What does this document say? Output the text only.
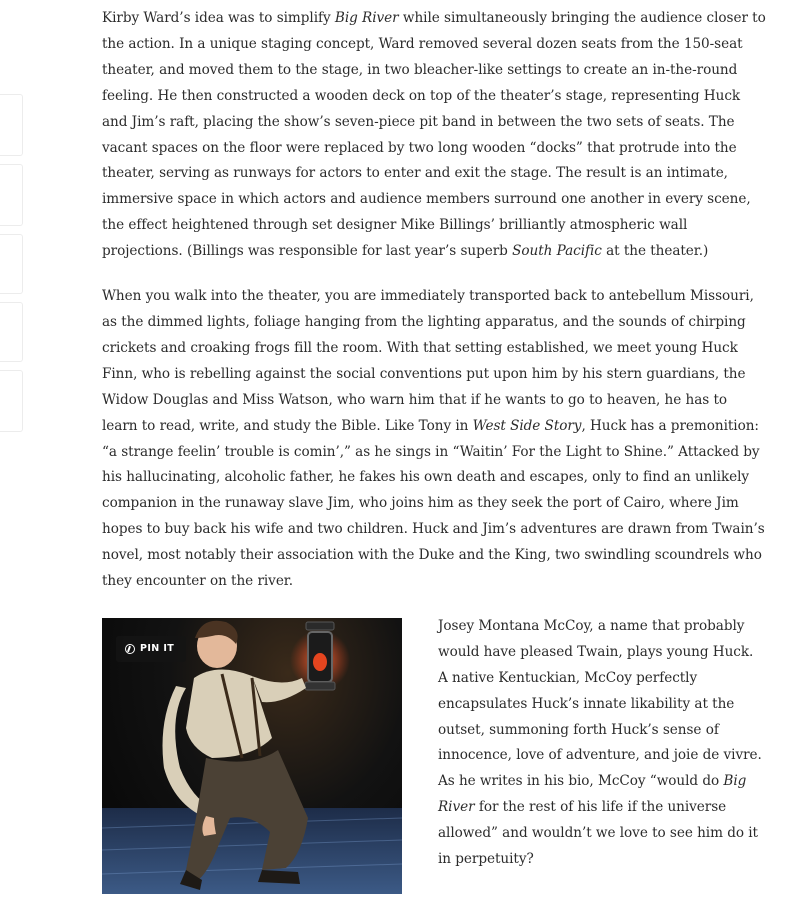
Kirby Ward’s idea was to simplify Big River while simultaneously bringing the audience closer to the action. In a unique staging concept, Ward removed several dozen seats from the 150-seat theater, and moved them to the stage, in two bleacher-like settings to create an in-the-round feeling. He then constructed a wooden deck on top of the theater’s stage, representing Huck and Jim’s raft, placing the show’s seven-piece pit band in between the two sets of seats. The vacant spaces on the floor were replaced by two long wooden “docks” that protrude into the theater, serving as runways for actors to enter and exit the stage. The result is an intimate, immersive space in which actors and audience members surround one another in every scene, the effect heightened through set designer Mike Billings’ brilliantly atmospheric wall projections. (Billings was responsible for last year’s superb South Pacific at the theater.)

When you walk into the theater, you are immediately transported back to antebellum Missouri, as the dimmed lights, foliage hanging from the lighting apparatus, and the sounds of chirping crickets and croaking frogs fill the room. With that setting established, we meet young Huck Finn, who is rebelling against the social conventions put upon him by his stern guardians, the Widow Douglas and Miss Watson, who warn him that if he wants to go to heaven, he has to learn to read, write, and study the Bible. Like Tony in West Side Story, Huck has a premonition: “a strange feelin’ trouble is comin’,” as he sings in “Waitin’ For the Light to Shine.” Attacked by his hallucinating, alcoholic father, he fakes his own death and escapes, only to find an unlikely companion in the runaway slave Jim, who joins him as they seek the port of Cairo, where Jim hopes to buy back his wife and two children. Huck and Jim’s adventures are drawn from Twain’s novel, most notably their association with the Duke and the King, two swindling scoundrels who they encounter on the river.

PIN IT

Josey Montana McCoy, a name that probably would have pleased Twain, plays young Huck. A native Kentuckian, McCoy perfectly encapsulates Huck’s innate likability at the outset, summoning forth Huck’s sense of innocence, love of adventure, and joie de vivre. As he writes in his bio, McCoy “would do Big River for the rest of his life if the universe allowed” and wouldn’t we love to see him do it in perpetuity?
